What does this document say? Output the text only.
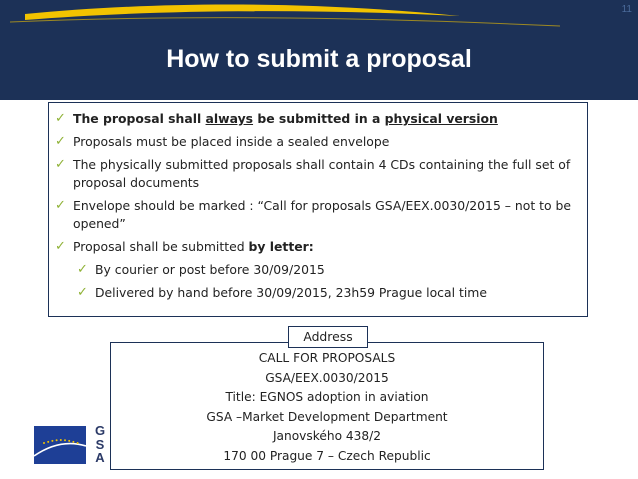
11
How to submit a proposal
✓ The proposal shall always be submitted in a physical version
✓ Proposals must be placed inside a sealed envelope
✓ The physically submitted proposals shall contain 4 CDs containing the full set of proposal documents
✓ Envelope should be marked : “Call for proposals GSA/EEX.0030/2015 – not to be opened”
✓ Proposal shall be submitted by letter:
✓ By courier or post before 30/09/2015
✓ Delivered by hand before 30/09/2015, 23h59 Prague local time
CALL FOR PROPOSALS
GSA/EEX.0030/2015
Title: EGNOS adoption in aviation
GSA –Market Development Department
Janovského 438/2
170 00 Prague 7 – Czech Republic
Address
G
S
A
